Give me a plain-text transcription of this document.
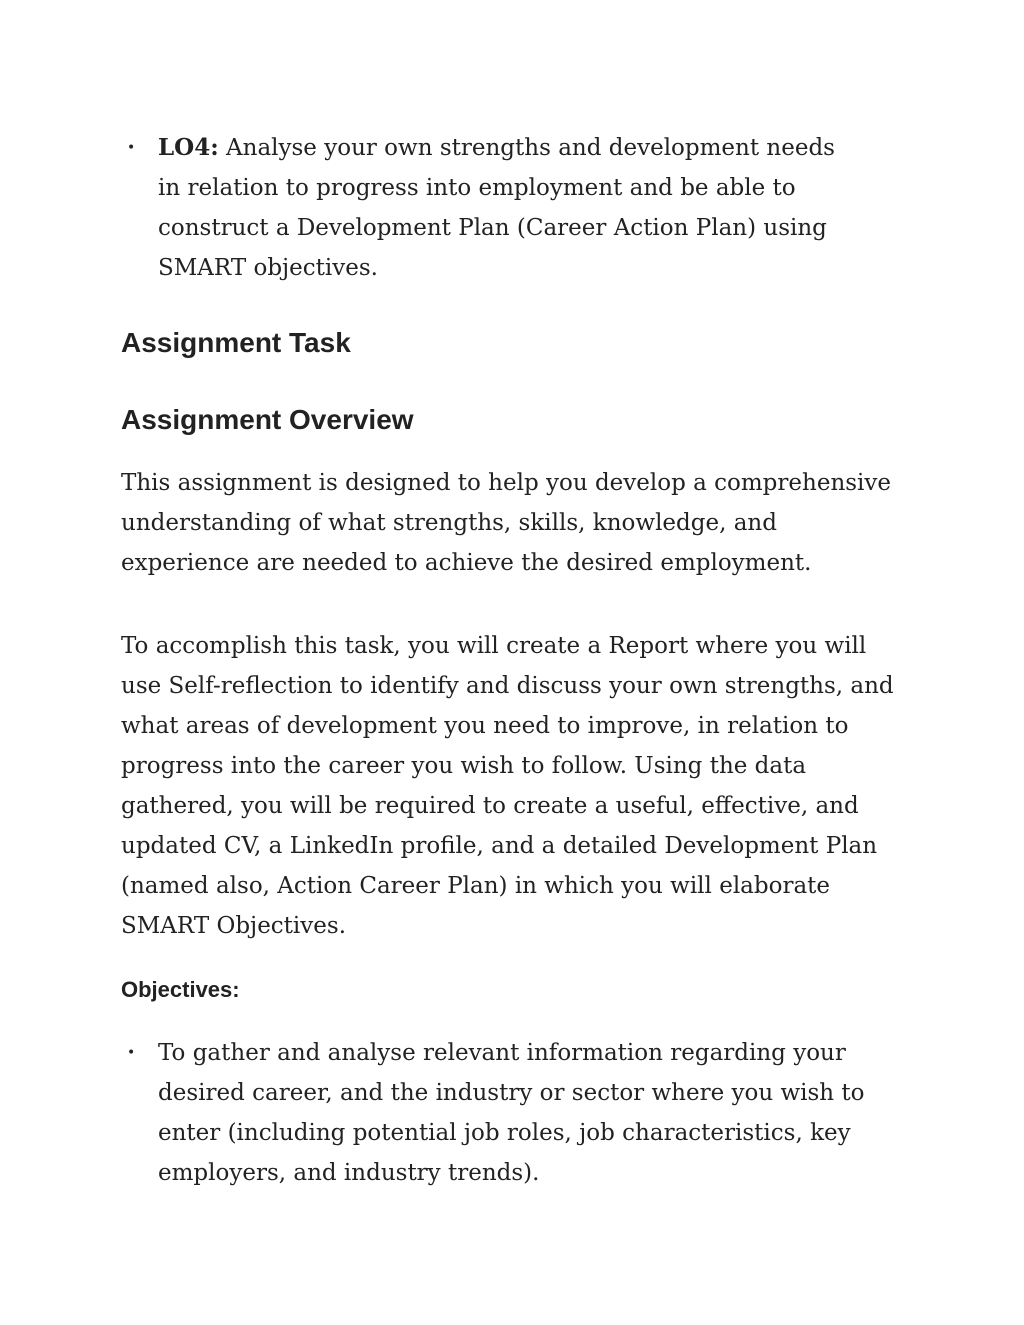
• LO4: Analyse your own strengths and development needs in relation to progress into employment and be able to construct a Development Plan (Career Action Plan) using SMART objectives.
Assignment Task
Assignment Overview

This assignment is designed to help you develop a comprehensive understanding of what strengths, skills, knowledge, and experience are needed to achieve the desired employment.

To accomplish this task, you will create a Report where you will use Self-reflection to identify and discuss your own strengths, and what areas of development you need to improve, in relation to progress into the career you wish to follow. Using the data gathered, you will be required to create a useful, effective, and updated CV, a LinkedIn profile, and a detailed Development Plan (named also, Action Career Plan) in which you will elaborate SMART Objectives.

Objectives:
• To gather and analyse relevant information regarding your desired career, and the industry or sector where you wish to enter (including potential job roles, job characteristics, key employers, and industry trends).
